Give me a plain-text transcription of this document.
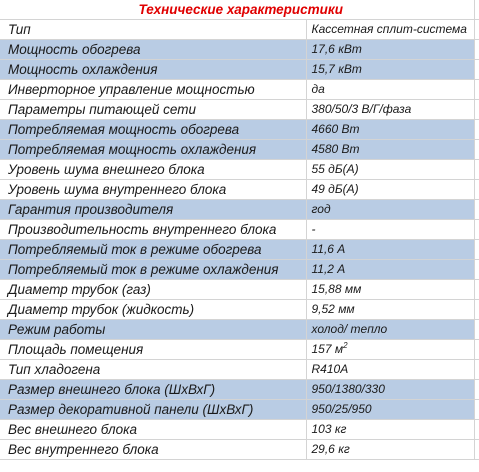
Технические характеристики		
Тип	Кассетная сплит-система	
Мощность обогрева	17,6 кВт	
Мощность охлаждения	15,7 кВт	
Инверторное управление мощностью	да	
Параметры питающей сети	380/50/3 В/Г/фаза	
Потребляемая мощность обогрева	4660 Вт	
Потребляемая мощность охлаждения	4580 Вт	
Уровень шума внешнего блока	55 дБ(А)	
Уровень шума внутреннего блока	49 дБ(А)	
Гарантия производителя	год	
Производительность внутреннего блока	-	
Потребляемый ток в режиме обогрева	11,6 А	
Потребляемый ток в режиме охлаждения	11,2 А	
Диаметр трубок (газ)	15,88 мм	
Диаметр трубок (жидкость)	9,52 мм	
Режим работы	холод/ тепло	
Площадь помещения	157 $м^2$	
Тип хладогена	R410A	
Размер внешнего блока (ШхВхГ)	950/1380/330	
Размер декоративной панели (ШхВхГ)	950/25/950	
Вес внешнего блока	103 кг	
Вес внутреннего блока	29,6 кг	
